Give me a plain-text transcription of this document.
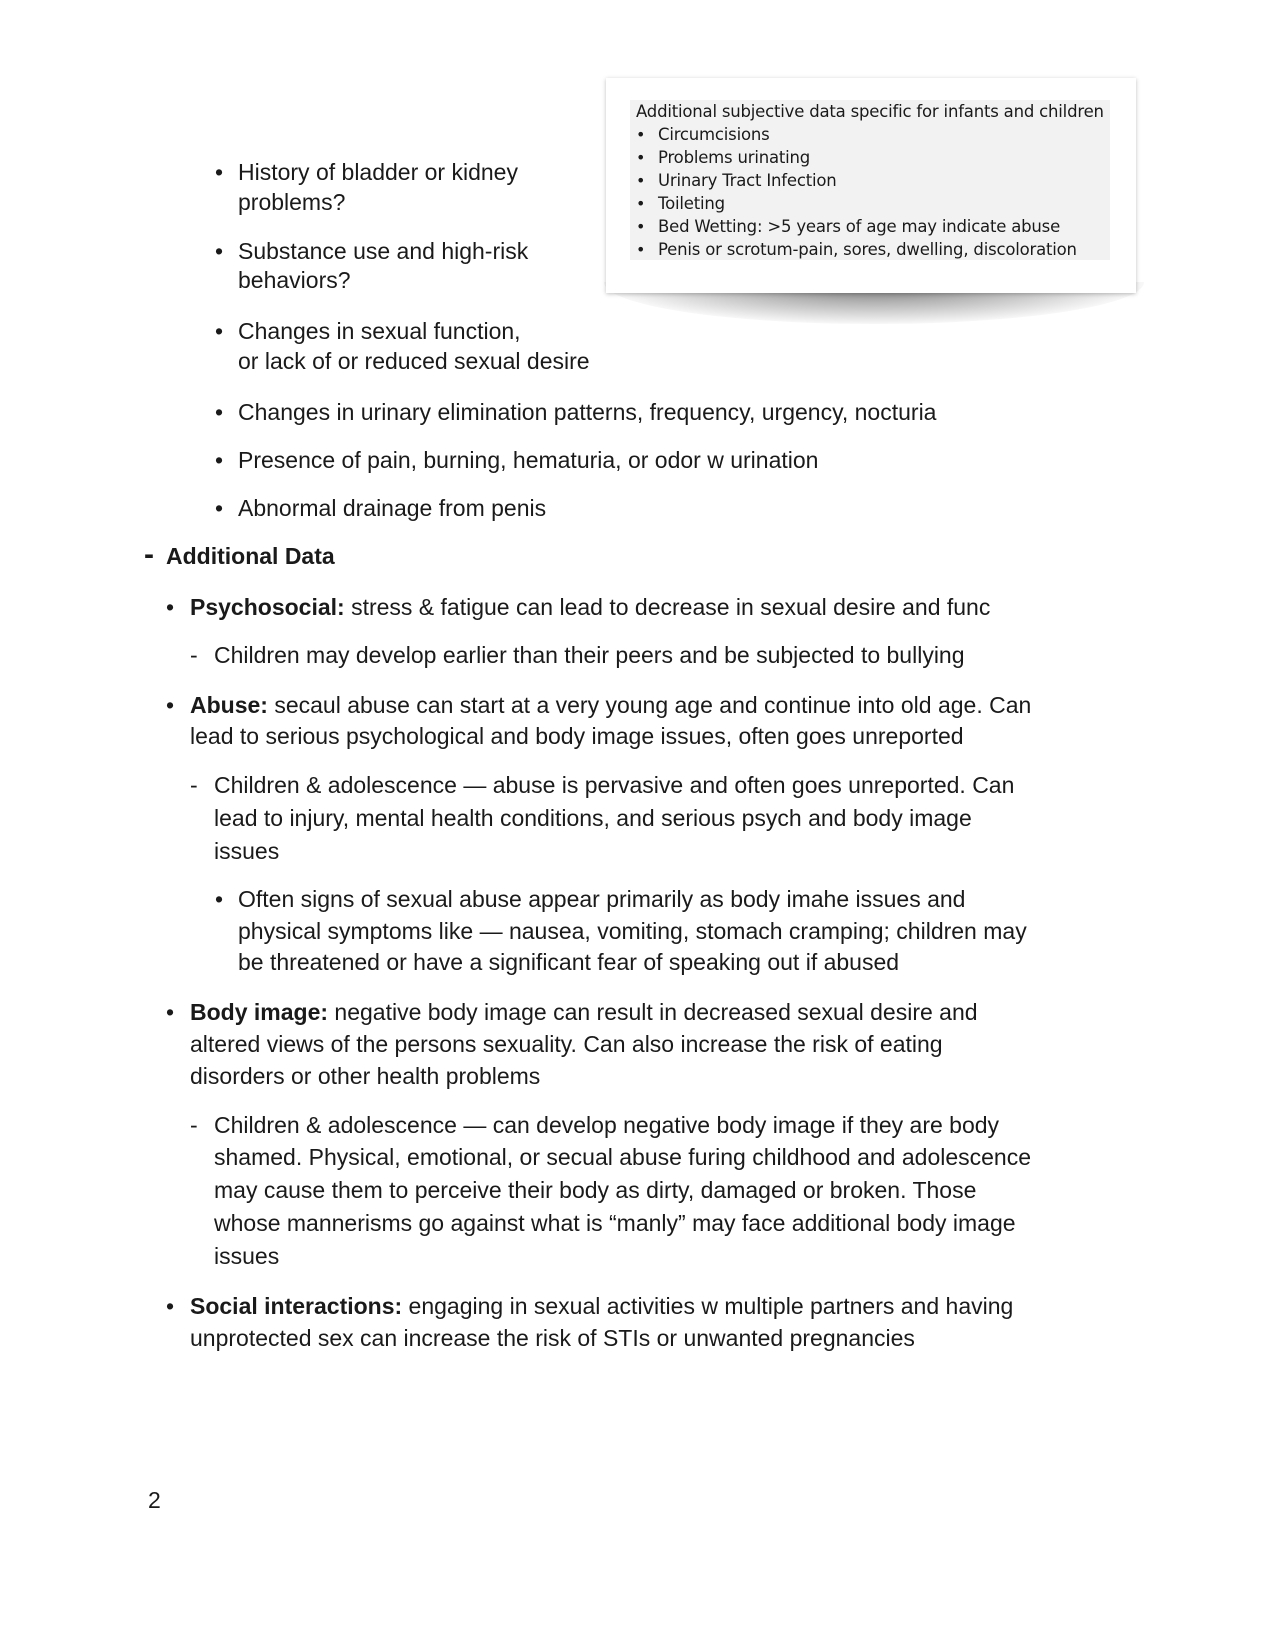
Additional subjective data specific for infants and children
• Circumcisions
• Problems urinating
• Urinary Tract Infection
• Toileting
• Bed Wetting: >5 years of age may indicate abuse
• Penis or scrotum-pain, sores, dwelling, discoloration
• History of bladder or kidney
problems?
• Substance use and high-risk
behaviors?
• Changes in sexual function,
or lack of or reduced sexual desire
• Changes in urinary elimination patterns, frequency, urgency, nocturia
• Presence of pain, burning, hematuria, or odor w urination
• Abnormal drainage from penis
- Additional Data
• Psychosocial: stress & fatigue can lead to decrease in sexual desire and func
- Children may develop earlier than their peers and be subjected to bullying
• Abuse: secaul abuse can start at a very young age and continue into old age. Can
lead to serious psychological and body image issues, often goes unreported
- Children & adolescence — abuse is pervasive and often goes unreported. Can
lead to injury, mental health conditions, and serious psych and body image
issues
• Often signs of sexual abuse appear primarily as body imahe issues and
physical symptoms like — nausea, vomiting, stomach cramping; children may
be threatened or have a significant fear of speaking out if abused
• Body image: negative body image can result in decreased sexual desire and
altered views of the persons sexuality. Can also increase the risk of eating
disorders or other health problems
- Children & adolescence — can develop negative body image if they are body
shamed. Physical, emotional, or secual abuse furing childhood and adolescence
may cause them to perceive their body as dirty, damaged or broken. Those
whose mannerisms go against what is “manly” may face additional body image
issues
• Social interactions: engaging in sexual activities w multiple partners and having
unprotected sex can increase the risk of STIs or unwanted pregnancies
2
